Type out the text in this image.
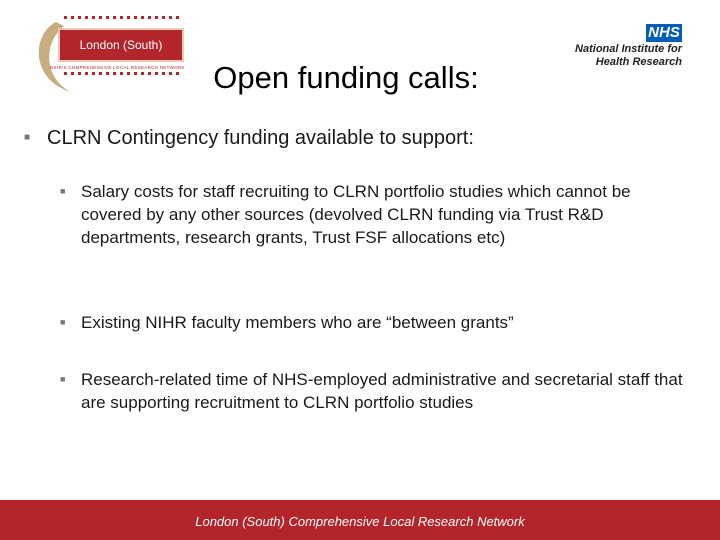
London (South)
NIHR'S COMPREHENSIVE LOCAL RESEARCH NETWORK
NHS
National Institute for
Health Research
Open funding calls:
■ CLRN Contingency funding available to support:
■ Salary costs for staff recruiting to CLRN portfolio studies which cannot be covered by any other sources (devolved CLRN funding via Trust R&D departments, research grants, Trust FSF allocations etc)
■ Existing NIHR faculty members who are “between grants”
■ Research-related time of NHS-employed administrative and secretarial staff that are supporting recruitment to CLRN portfolio studies
London (South) Comprehensive Local Research Network
